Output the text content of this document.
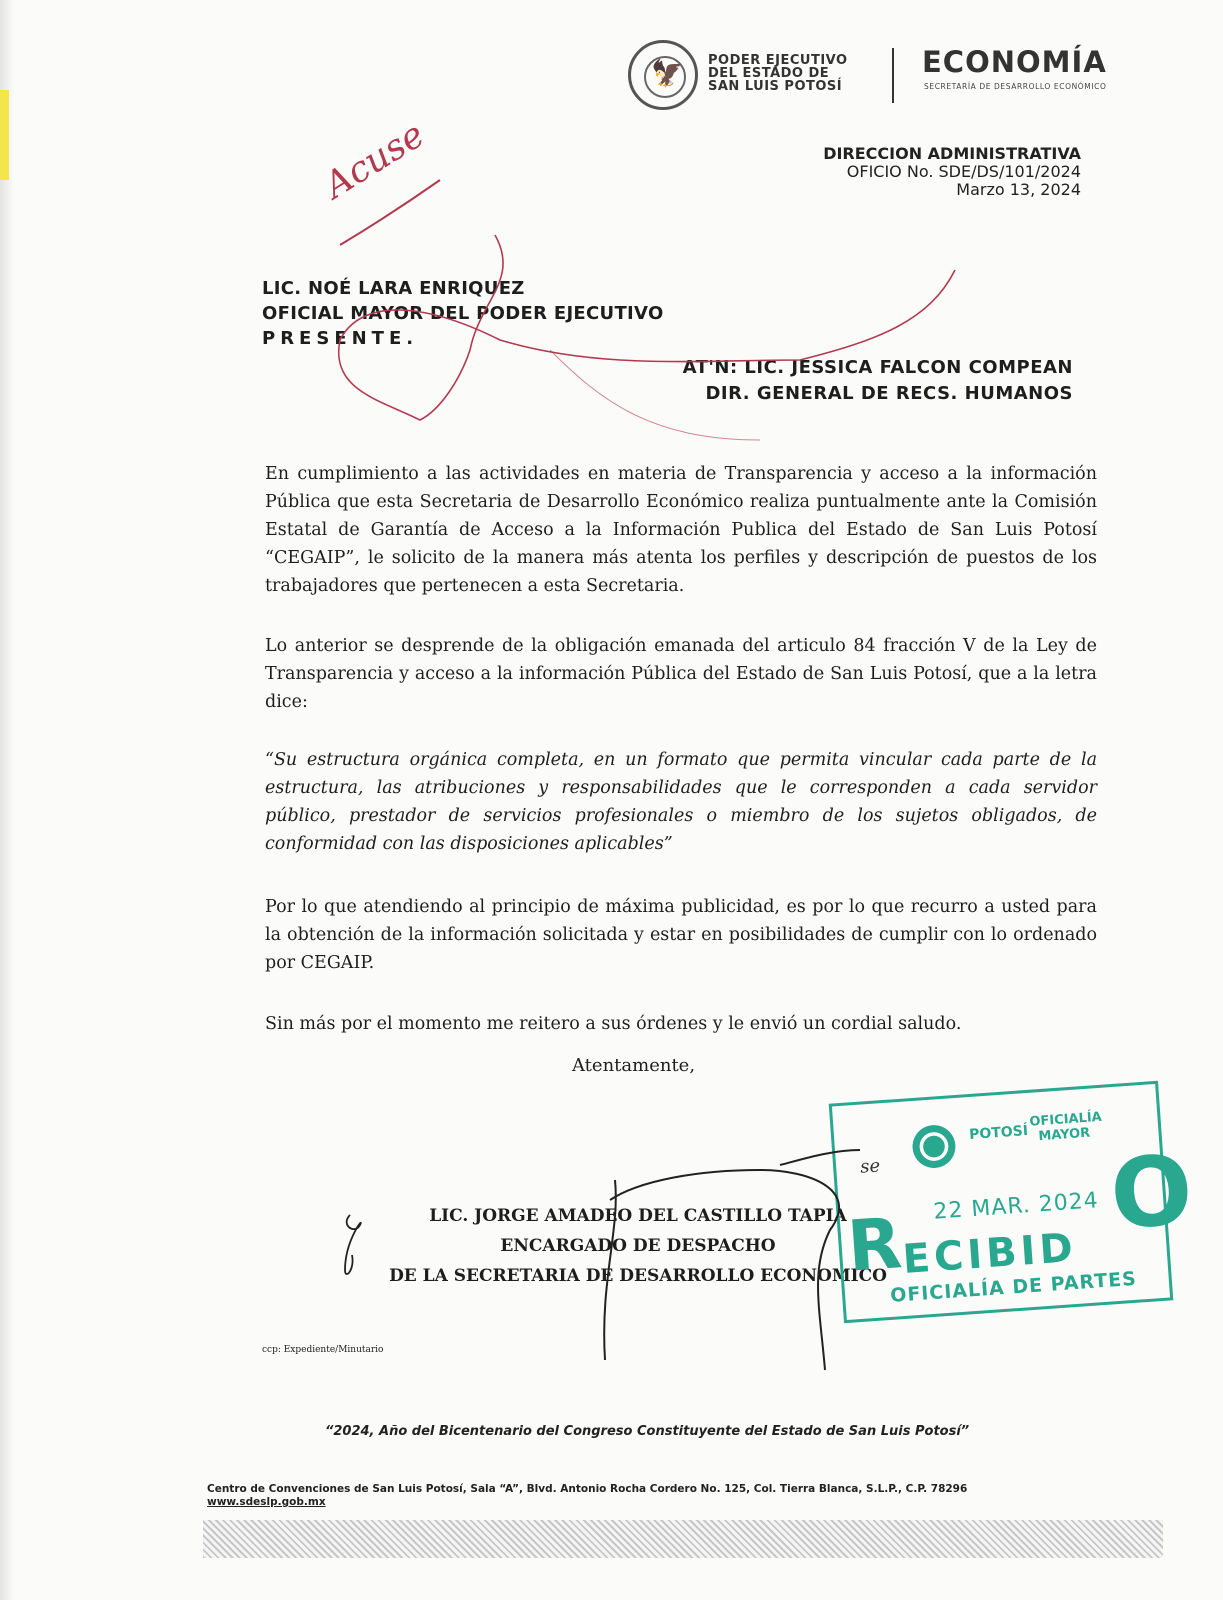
🦅 PODER EJECUTIVO
DEL ESTADO DE
SAN LUIS POTOSÍ
ECONOMÍA
SECRETARÍA DE DESARROLLO ECONÓMICO
DIRECCION ADMINISTRATIVA
OFICIO No. SDE/DS/101/2024
Marzo 13, 2024
Acuse
LIC. NOÉ LARA ENRIQUEZ
OFICIAL MAYOR DEL PODER EJECUTIVO
PRESENTE.
AT'N: LIC. JESSICA FALCON COMPEAN
DIR. GENERAL DE RECS. HUMANOS

En cumplimiento a las actividades en materia de Transparencia y acceso a la información Pública que esta Secretaria de Desarrollo Económico realiza puntualmente ante la Comisión Estatal de Garantía de Acceso a la Información Publica del Estado de San Luis Potosí “CEGAIP”, le solicito de la manera más atenta los perfiles y descripción de puestos de los trabajadores que pertenecen a esta Secretaria.

Lo anterior se desprende de la obligación emanada del articulo 84 fracción V de la Ley de Transparencia y acceso a la información Pública del Estado de San Luis Potosí, que a la letra dice:

“Su estructura orgánica completa, en un formato que permita vincular cada parte de la estructura, las atribuciones y responsabilidades que le corresponden a cada servidor público, prestador de servicios profesionales o miembro de los sujetos obligados, de conformidad con las disposiciones aplicables”

Por lo que atendiendo al principio de máxima publicidad, es por lo que recurro a usted para la obtención de la información solicitada y estar en posibilidades de cumplir con lo ordenado por CEGAIP.

Sin más por el momento me reitero a sus órdenes y le envió un cordial saludo.

Atentamente,
LIC. JORGE AMADEO DEL CASTILLO TAPIA
ENCARGADO DE DESPACHO
DE LA SECRETARIA DE DESARROLLO ECONOMICO
ccp: Expediente/Minutario
“2024, Año del Bicentenario del Congreso Constituyente del Estado de San Luis Potosí”
Centro de Convenciones de San Luis Potosí, Sala “A”, Blvd. Antonio Rocha Cordero No. 125, Col. Tierra Blanca, S.L.P., C.P. 78296
www.sdeslp.gob.mx
POTOSÍ
OFICIALÍA
MAYOR
se
22 MAR. 2024
R
ECIBID
O
OFICIALÍA DE PARTES
